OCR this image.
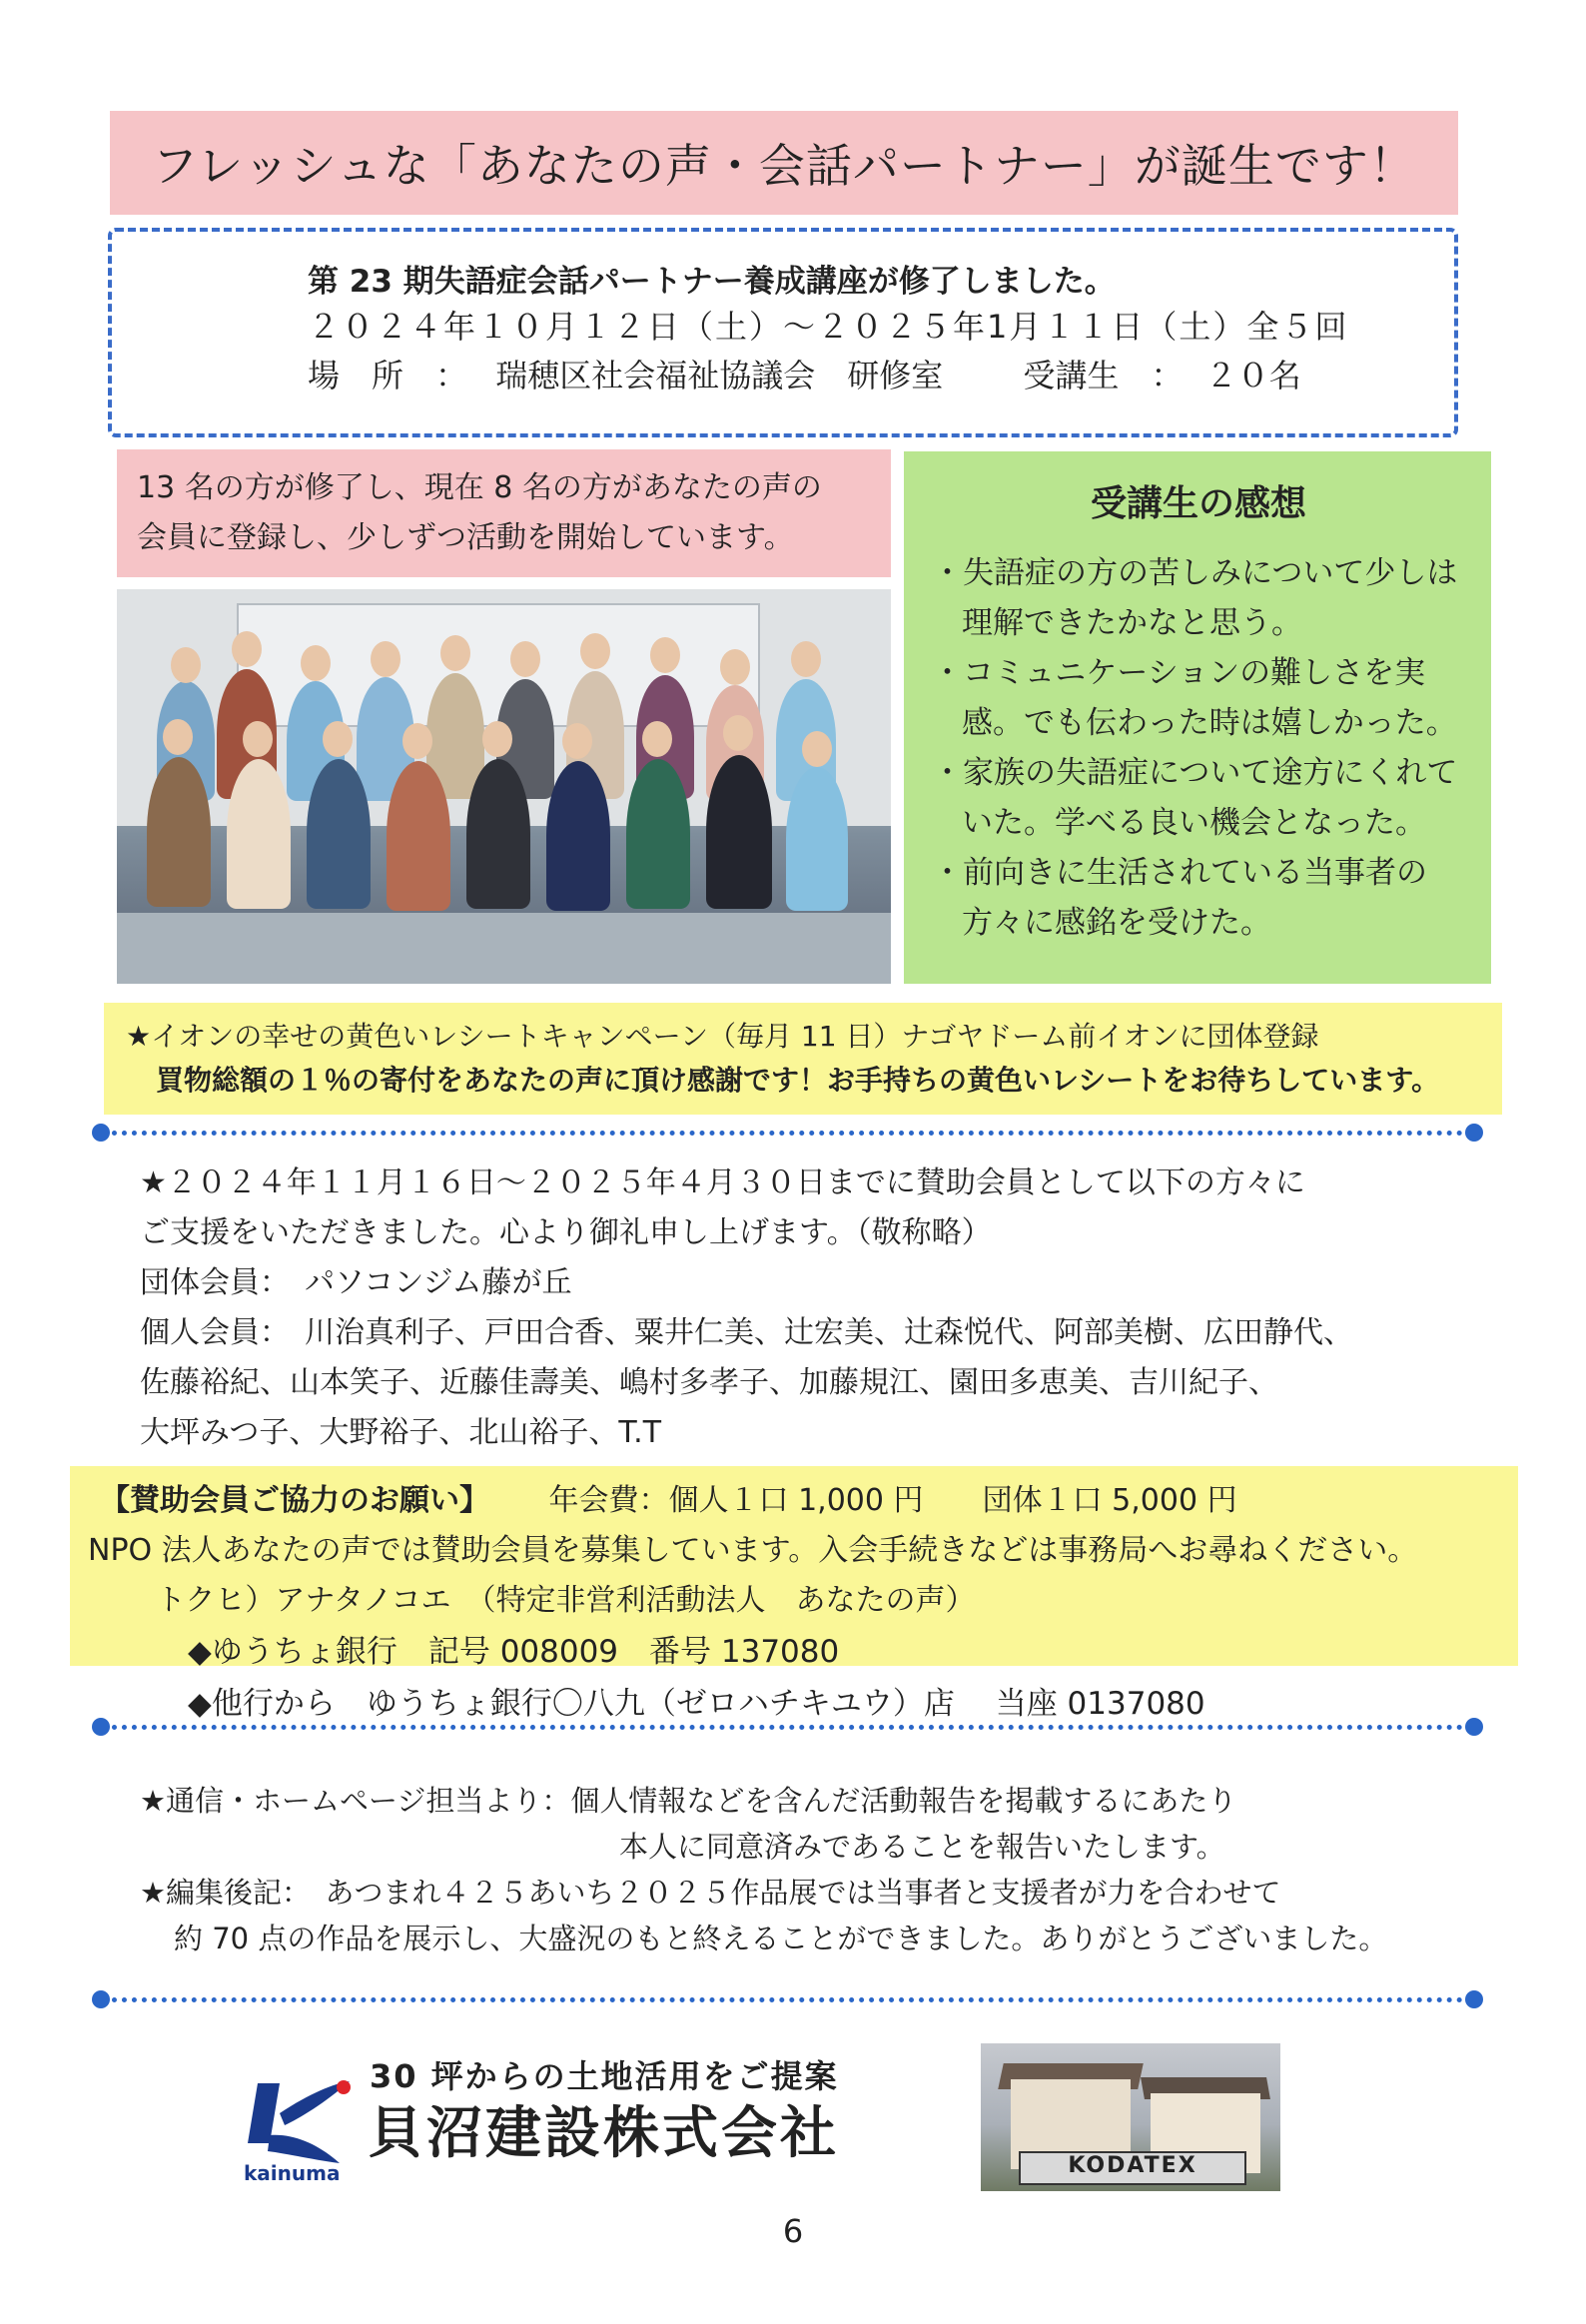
フレッシュな「あなたの声・会話パートナー」が誕生です！
第 23 期失語症会話パートナー養成講座が修了しました。
２０２４年１０月１２日（土）～２０２５年1月１１日（土）全５回
場　所　： 瑞穂区社会福祉協議会　研修室	受講生　： ２０名
13 名の方が修了し、現在 8 名の方があなたの声の
会員に登録し、少しずつ活動を開始しています。
受講生の感想
・失語症の方の苦しみについて少しは理解できたかなと思う。
・コミュニケーションの難しさを実感。でも伝わった時は嬉しかった。
・家族の失語症について途方にくれていた。学べる良い機会となった。
・前向きに生活されている当事者の方々に感銘を受けた。
★イオンの幸せの黄色いレシートキャンペーン（毎月 11 日）ナゴヤドーム前イオンに団体登録
買物総額の１％の寄付をあなたの声に頂け感謝です！お手持ちの黄色いレシートをお待ちしています。
★２０２４年１１月１６日～２０２５年４月３０日までに賛助会員として以下の方々に
ご支援をいただきました。心より御礼申し上げます。（敬称略）
団体会員：　パソコンジム藤が丘
個人会員：　川治真利子、戸田合香、粟井仁美、辻宏美、辻森悦代、阿部美樹、広田静代、
佐藤裕紀、山本笑子、近藤佳壽美、嶋村多孝子、加藤規江、園田多恵美、吉川紀子、
大坪みつ子、大野裕子、北山裕子、T.T
【賛助会員ご協力のお願い】 年会費：個人１口 1,000 円 団体１口 5,000 円
NPO 法人あなたの声では賛助会員を募集しています。入会手続きなどは事務局へお尋ねください。
トクヒ）アナタノコエ　（特定非営利活動法人　あなたの声）
◆ゆうちょ銀行　記号 008009　番号 137080
◆他行から　ゆうちょ銀行〇八九（ゼロハチキユウ）店　 当座 0137080
★通信・ホームページ担当より：個人情報などを含んだ活動報告を掲載するにあたり
本人に同意済みであることを報告いたします。
★編集後記：　あつまれ４２５あいち２０２５作品展では当事者と支援者が力を合わせて
約 70 点の作品を展示し、大盛況のもと終えることができました。ありがとうございました。
kainuma
30 坪からの土地活用をご提案
貝沼建設株式会社	KODATEX
6
